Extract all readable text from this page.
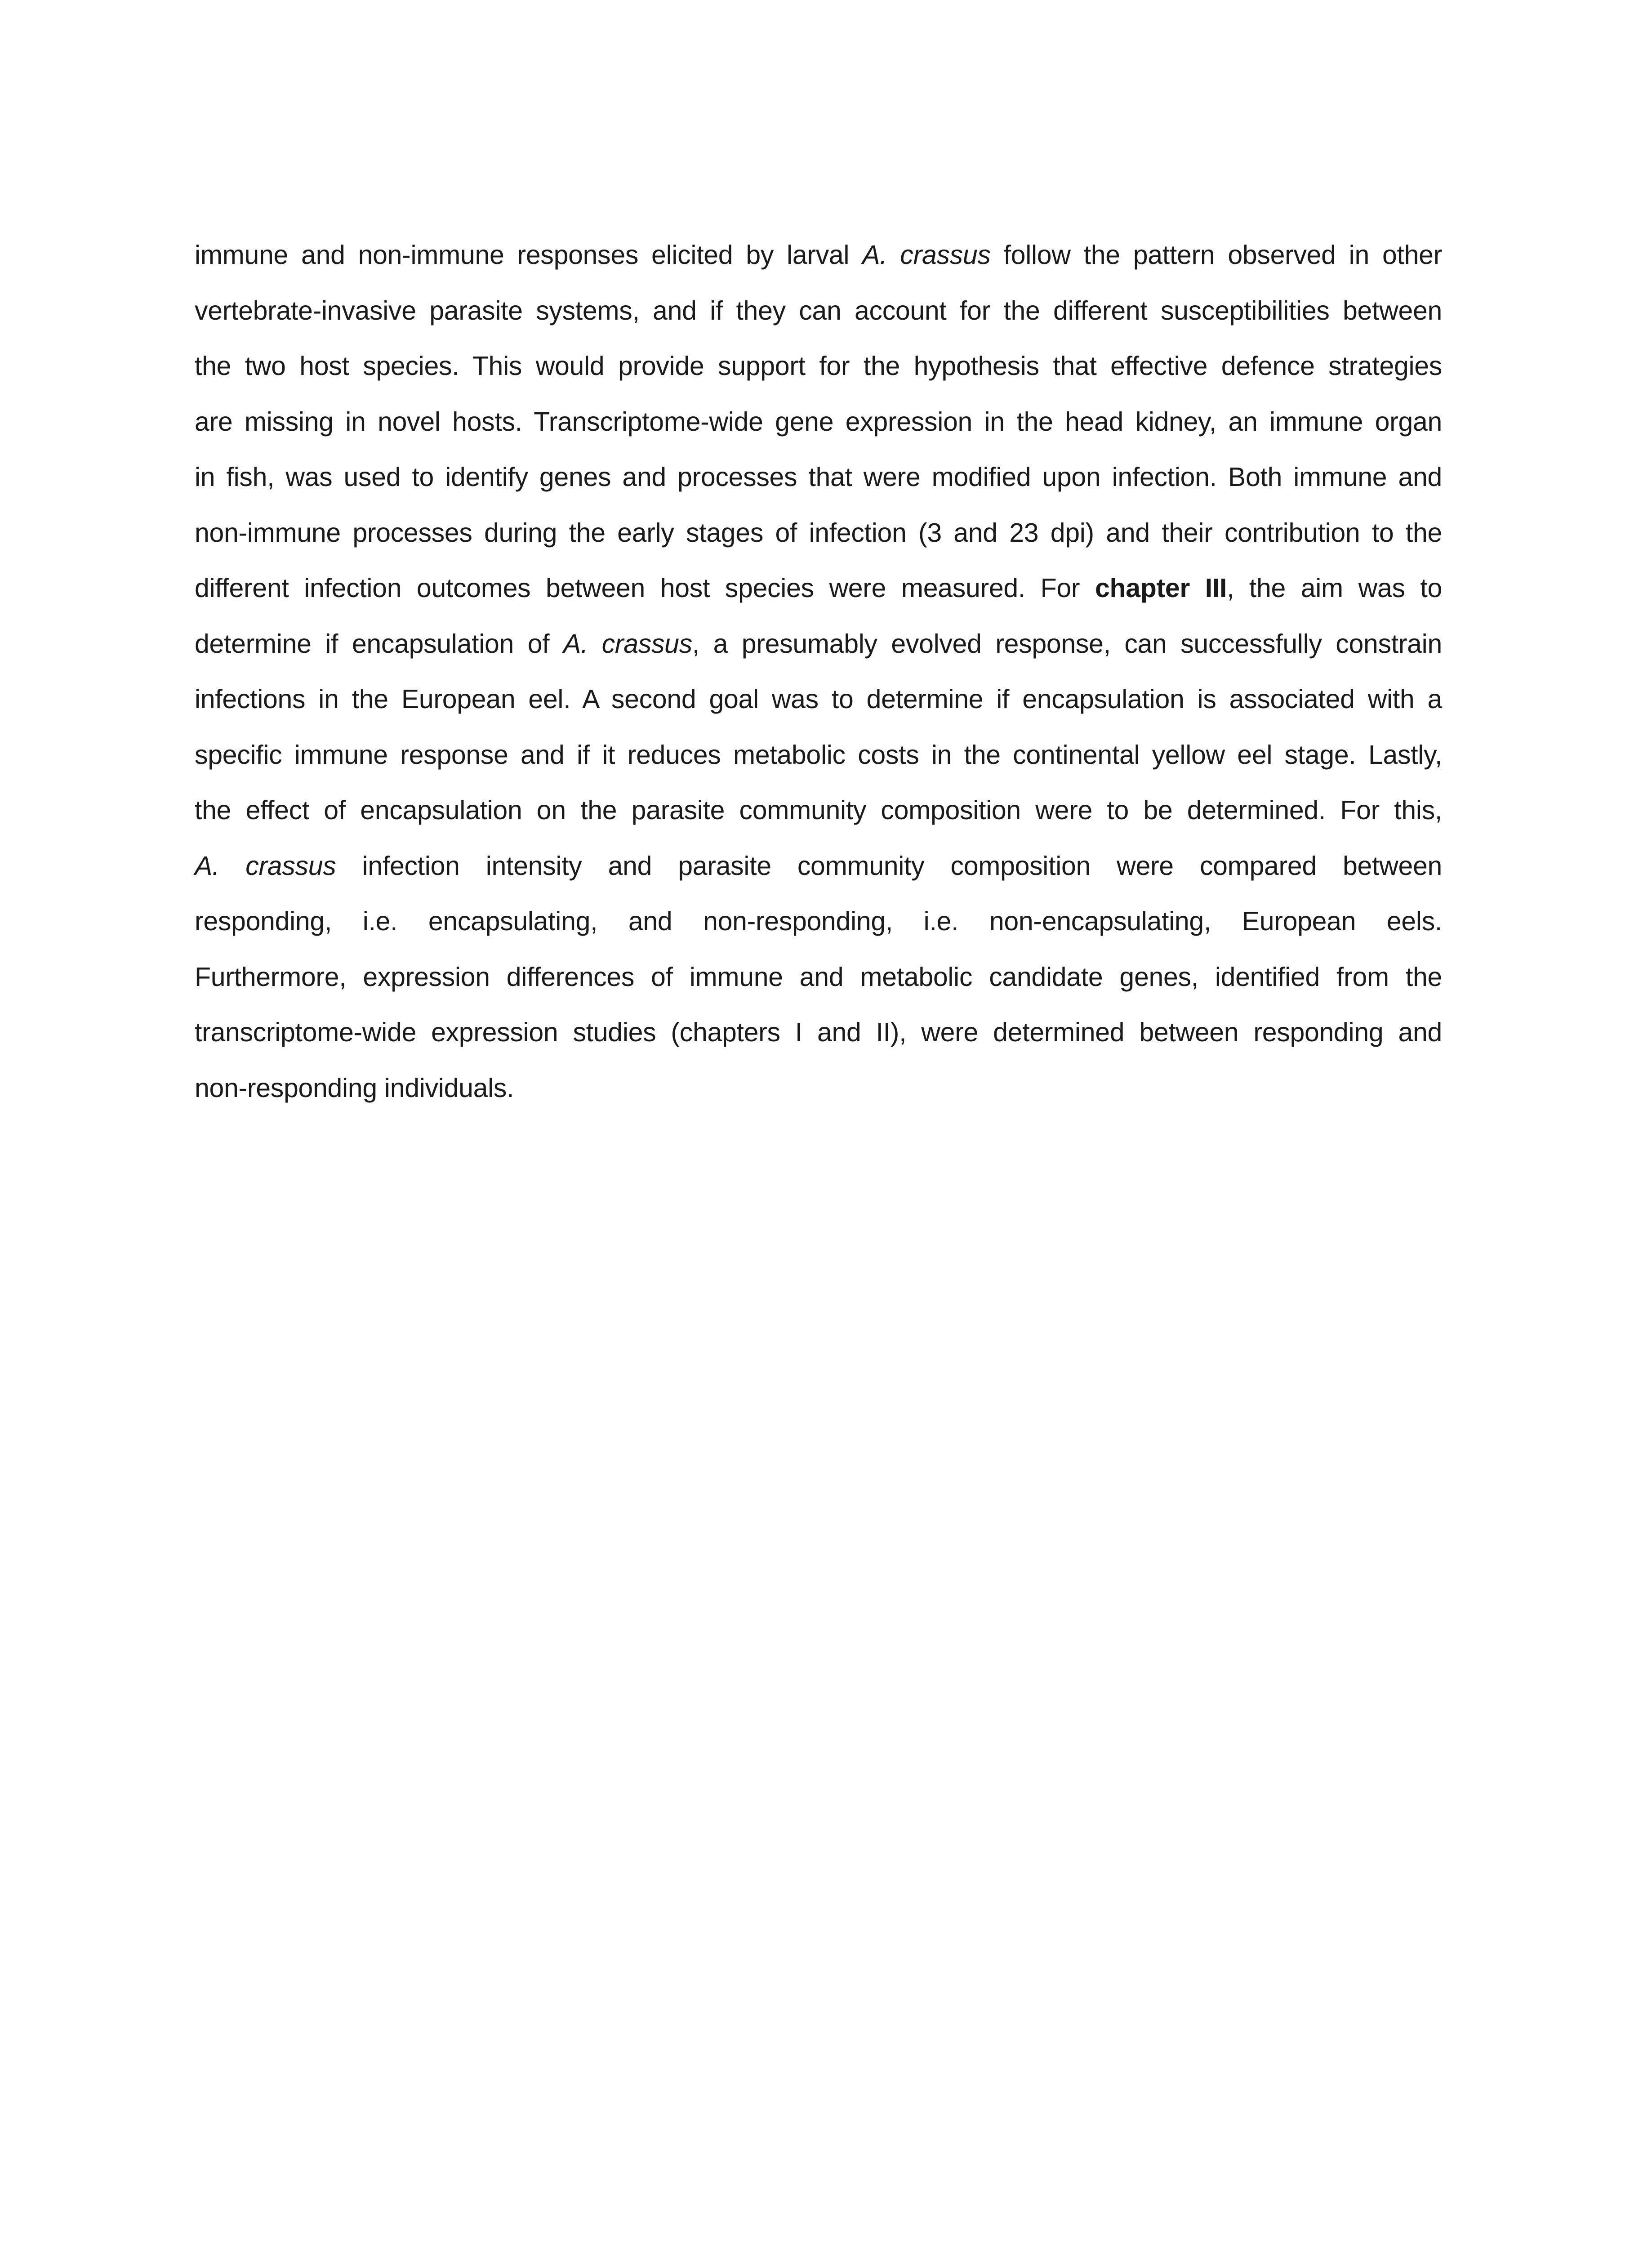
immune and non-immune responses elicited by larval A. crassus follow the pattern observed in other
vertebrate-invasive parasite systems, and if they can account for the different susceptibilities between
the two host species. This would provide support for the hypothesis that effective defence strategies
are missing in novel hosts. Transcriptome-wide gene expression in the head kidney, an immune organ
in fish, was used to identify genes and processes that were modified upon infection. Both immune and
non-immune processes during the early stages of infection (3 and 23 dpi) and their contribution to the
different infection outcomes between host species were measured. For chapter III, the aim was to
determine if encapsulation of A. crassus, a presumably evolved response, can successfully constrain
infections in the European eel. A second goal was to determine if encapsulation is associated with a
specific immune response and if it reduces metabolic costs in the continental yellow eel stage. Lastly,
the effect of encapsulation on the parasite community composition were to be determined. For this,
A. crassus infection intensity and parasite community composition were compared between
responding, i.e. encapsulating, and non-responding, i.e. non-encapsulating, European eels.
Furthermore, expression differences of immune and metabolic candidate genes, identified from the
transcriptome-wide expression studies (chapters I and II), were determined between responding and
non-responding individuals.
